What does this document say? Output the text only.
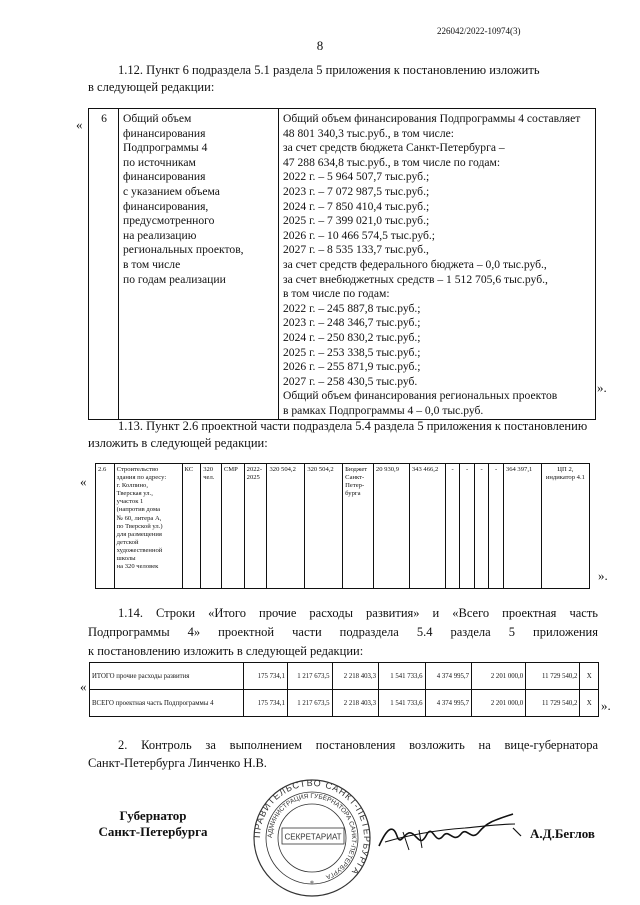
226042/2022-10974(3)
8
1.12. Пункт 6 подраздела 5.1 раздела 5 приложения к постановлению изложить
в следующей редакции:
« 6	Общий объем
финансирования
Подпрограммы 4
по источникам
финансирования
с указанием объема
финансирования,
предусмотренного
на реализацию
региональных проектов,
в том числе
по годам реализации

Общий объем финансирования Подпрограммы 4 составляет
48 801 340,3 тыс.руб., в том числе:
за счет средств бюджета Санкт-Петербурга –
47 288 634,8 тыс.руб., в том числе по годам:
2022 г. – 5 964 507,7 тыс.руб.;
2023 г. – 7 072 987,5 тыс.руб.;
2024 г. – 7 850 410,4 тыс.руб.;
2025 г. – 7 399 021,0 тыс.руб.;
2026 г. – 10 466 574,5 тыс.руб.;
2027 г. – 8 535 133,7 тыс.руб.,
за счет средств федерального бюджета – 0,0 тыс.руб.,
за счет внебюджетных средств – 1 512 705,6 тыс.руб.,
в том числе по годам:
2022 г. – 245 887,8 тыс.руб.;
2023 г. – 248 346,7 тыс.руб.;
2024 г. – 250 830,2 тыс.руб.;
2025 г. – 253 338,5 тыс.руб.;
2026 г. – 255 871,9 тыс.руб.;
2027 г. – 258 430,5 тыс.руб.
Общий объем финансирования региональных проектов
в рамках Подпрограммы 4 – 0,0 тыс.руб.
».
1.13. Пункт 2.6 проектной части подраздела 5.4 раздела 5 приложения к постановлению
изложить в следующей редакции:
«
2.6	Строительство
здания по адресу:
г. Колпино,
Тверская ул.,
участок 1
(напротив дома
№ 60, литера А,
по Тверской ул.)
для размещения
детской
художественной
школы
на 320 человек
	КС	320 чел.	СМР	2022-2025	320 504,2	320 504,2	Бюджет Санкт-Петер-бурга	20 930,9	343 466,2	-	-	-	-	364 397,1	ЦП 2, индикатор 4.1
».
1.14. Строки «Итого прочие расходы развития» и «Всего проектная часть
Подпрограммы 4» проектной части подраздела 5.4 раздела 5 приложения
к постановлению изложить в следующей редакции:
«
ИТОГО прочие расходы развития	175 734,1	1 217 673,5	2 218 403,3	1 541 733,6	4 374 995,7	2 201 000,0	11 729 540,2	X
ВСЕГО проектная часть Подпрограммы 4	175 734,1	1 217 673,5	2 218 403,3	1 541 733,6	4 374 995,7	2 201 000,0	11 729 540,2	X ».
2. Контроль за выполнением постановления возложить на вице-губернатора
Санкт-Петербурга Линченко Н.В.
Губернатор
Санкт-Петербурга	А.Д.Беглов
ПРАВИТЕЛЬСТВО САНКТ-ПЕТЕРБУРГА
АДМИНИСТРАЦИЯ ГУБЕРНАТОРА САНКТ-ПЕТЕРБУРГА
СЕКРЕТАРИАТ
*
